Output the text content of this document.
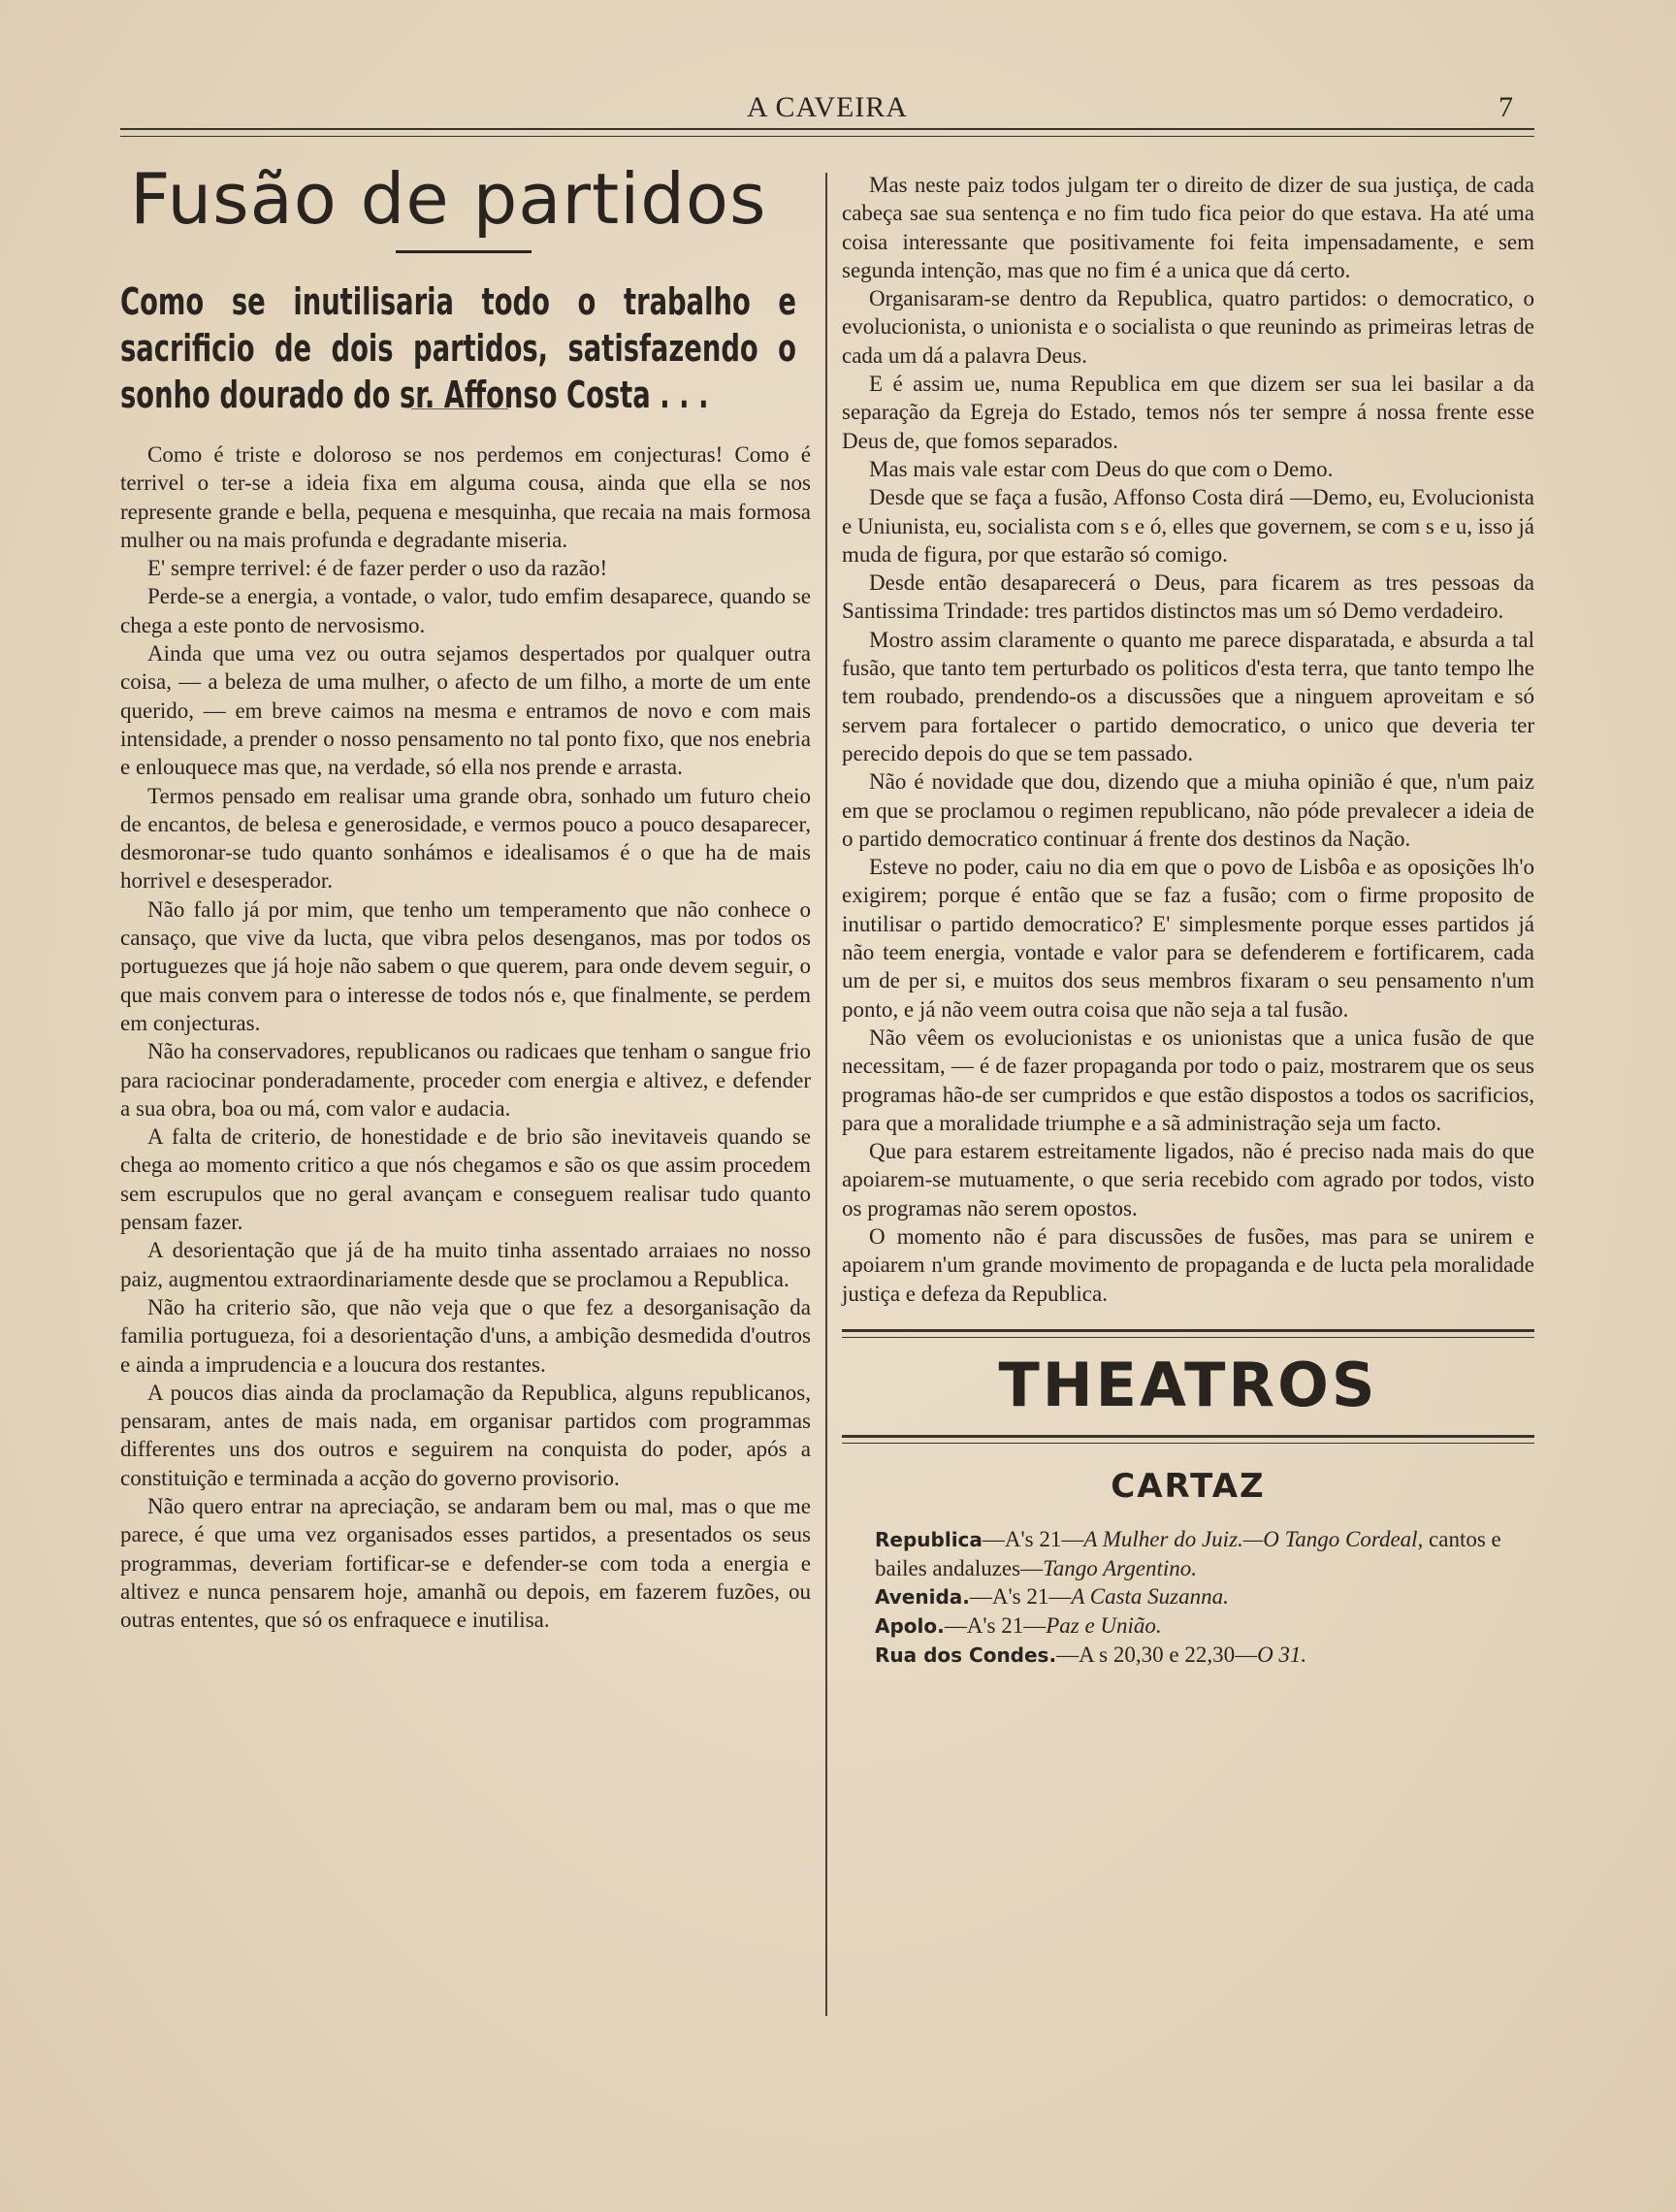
A CAVEIRA	7
Fusão de partidos
Como se inutilisaria todo o trabalho e sacrificio de dois partidos, satisfazendo o sonho dourado do sr. Affonso Costa . . .

Como é triste e doloroso se nos perdemos em conjecturas! Como é terrivel o ter-se a ideia fixa em alguma cousa, ainda que ella se nos represente grande e bella, pequena e mesquinha, que recaia na mais formosa mulher ou na mais profunda e degradante miseria.

E' sempre terrivel: é de fazer perder o uso da razão!

Perde-se a energia, a vontade, o valor, tudo emfim desaparece, quando se chega a este ponto de nervosismo.

Ainda que uma vez ou outra sejamos despertados por qualquer outra coisa, — a beleza de uma mulher, o afecto de um filho, a morte de um ente querido, — em breve caimos na mesma e entramos de novo e com mais intensidade, a prender o nosso pensamento no tal ponto fixo, que nos enebria e enlouquece mas que, na verdade, só ella nos prende e arrasta.

Termos pensado em realisar uma grande obra, sonhado um futuro cheio de encantos, de belesa e generosidade, e vermos pouco a pouco desaparecer, desmoronar-se tudo quanto sonhámos e idealisamos é o que ha de mais horrivel e desesperador.

Não fallo já por mim, que tenho um temperamento que não conhece o cansaço, que vive da lucta, que vibra pelos desenganos, mas por todos os portuguezes que já hoje não sabem o que querem, para onde devem seguir, o que mais convem para o interesse de todos nós e, que finalmente, se perdem em conjecturas.

Não ha conservadores, republicanos ou radicaes que tenham o sangue frio para raciocinar ponderadamente, proceder com energia e altivez, e defender a sua obra, boa ou má, com valor e audacia.

A falta de criterio, de honestidade e de brio são inevitaveis quando se chega ao momento critico a que nós chegamos e são os que assim procedem sem escrupulos que no geral avançam e conseguem realisar tudo quanto pensam fazer.

A desorientação que já de ha muito tinha assentado arraiaes no nosso paiz, augmentou extraordinariamente desde que se proclamou a Republica.

Não ha criterio são, que não veja que o que fez a desorganisação da familia portugueza, foi a desorientação d'uns, a ambição desmedida d'outros e ainda a imprudencia e a loucura dos restantes.

A poucos dias ainda da proclamação da Republica, alguns republicanos, pensaram, antes de mais nada, em organisar partidos com programmas differentes uns dos outros e seguirem na conquista do poder, após a constituição e terminada a acção do governo provisorio.

Não quero entrar na apreciação, se andaram bem ou mal, mas o que me parece, é que uma vez organisados esses partidos, a presentados os seus programmas, deveriam fortificar-se e defender-se com toda a energia e altivez e nunca pensarem hoje, amanhã ou depois, em fazerem fuzões, ou outras ententes, que só os enfraquece e inutilisa.

Mas neste paiz todos julgam ter o direito de dizer de sua justiça, de cada cabeça sae sua sentença e no fim tudo fica peior do que estava. Ha até uma coisa interessante que positivamente foi feita impensadamente, e sem segunda intenção, mas que no fim é a unica que dá certo.

Organisaram-se dentro da Republica, quatro partidos: o democratico, o evolucionista, o unionista e o socialista o que reunindo as primeiras letras de cada um dá a palavra Deus.

E é assim ue, numa Republica em que dizem ser sua lei basilar a da separação da Egreja do Estado, temos nós ter sempre á nossa frente esse Deus de, que fomos separados.

Mas mais vale estar com Deus do que com o Demo.

Desde que se faça a fusão, Affonso Costa dirá —Demo, eu, Evolucionista e Uniunista, eu, socialista com s e ó, elles que governem, se com s e u, isso já muda de figura, por que estarão só comigo.

Desde então desaparecerá o Deus, para ficarem as tres pessoas da Santissima Trindade: tres partidos distinctos mas um só Demo verdadeiro.

Mostro assim claramente o quanto me parece disparatada, e absurda a tal fusão, que tanto tem perturbado os politicos d'esta terra, que tanto tempo lhe tem roubado, prendendo-os a discussões que a ninguem aproveitam e só servem para fortalecer o partido democratico, o unico que deveria ter perecido depois do que se tem passado.

Não é novidade que dou, dizendo que a miuha opinião é que, n'um paiz em que se proclamou o regimen republicano, não póde prevalecer a ideia de o partido democratico continuar á frente dos destinos da Nação.

Esteve no poder, caiu no dia em que o povo de Lisbôa e as oposições lh'o exigirem; porque é então que se faz a fusão; com o firme proposito de inutilisar o partido democratico? E' simplesmente porque esses partidos já não teem energia, vontade e valor para se defenderem e fortificarem, cada um de per si, e muitos dos seus membros fixaram o seu pensamento n'um ponto, e já não veem outra coisa que não seja a tal fusão.

Não vêem os evolucionistas e os unionistas que a unica fusão de que necessitam, — é de fazer propaganda por todo o paiz, mostrarem que os seus programas hão-de ser cumpridos e que estão dispostos a todos os sacrificios, para que a moralidade triumphe e a sã administração seja um facto.

Que para estarem estreitamente ligados, não é preciso nada mais do que apoiarem-se mutuamente, o que seria recebido com agrado por todos, visto os programas não serem opostos.

O momento não é para discussões de fusões, mas para se unirem e apoiarem n'um grande movimento de propaganda e de lucta pela moralidade justiça e defeza da Republica.

THEATROS
CARTAZ
Republica—A's 21—A Mulher do Juiz.—O Tango Cordeal, cantos e bailes andaluzes—Tango Argentino.
Avenida.—A's 21—A Casta Suzanna.
Apolo.—A's 21—Paz e União.
Rua dos Condes.—A s 20,30 e 22,30—O 31.
